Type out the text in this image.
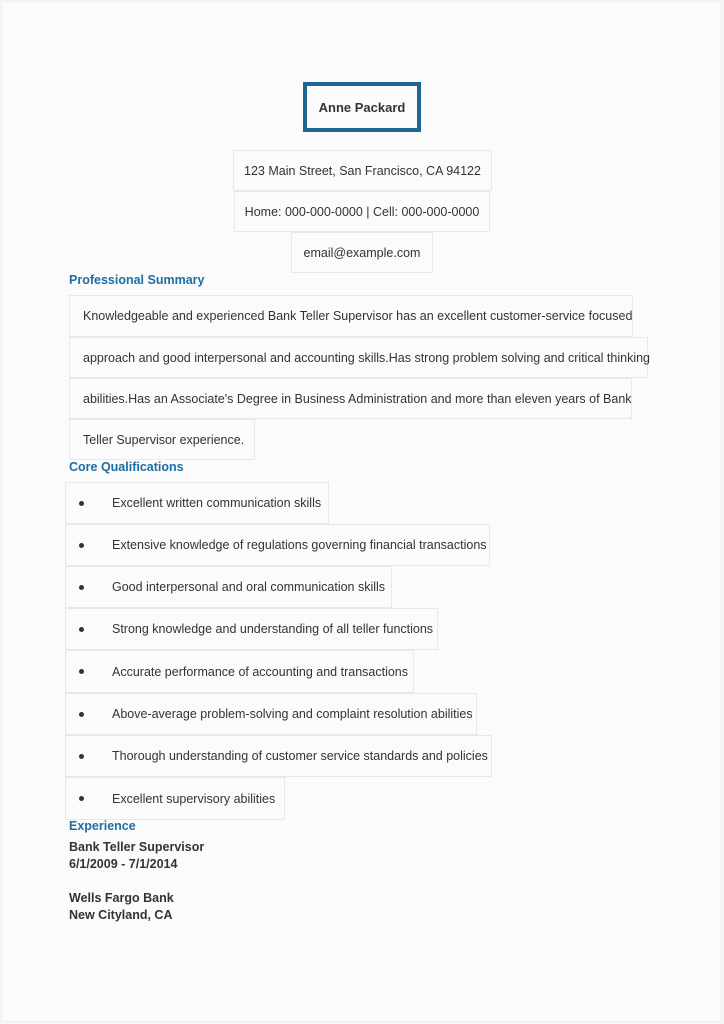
Anne Packard
123 Main Street, San Francisco, CA 94122
Home: 000-000-0000 | Cell: 000-000-0000
email@example.com
Professional Summary
Knowledgeable and experienced Bank Teller Supervisor has an excellent customer-service focused
approach and good interpersonal and accounting skills.Has strong problem solving and critical thinking
abilities.Has an Associate's Degree in Business Administration and more than eleven years of Bank
Teller Supervisor experience.
Core Qualifications
Excellent written communication skills
Extensive knowledge of regulations governing financial transactions
Good interpersonal and oral communication skills
Strong knowledge and understanding of all teller functions
Accurate performance of accounting and transactions
Above-average problem-solving and complaint resolution abilities
Thorough understanding of customer service standards and policies
Excellent supervisory abilities
Experience
Bank Teller Supervisor
6/1/2009 - 7/1/2014
Wells Fargo Bank
New Cityland, CA
